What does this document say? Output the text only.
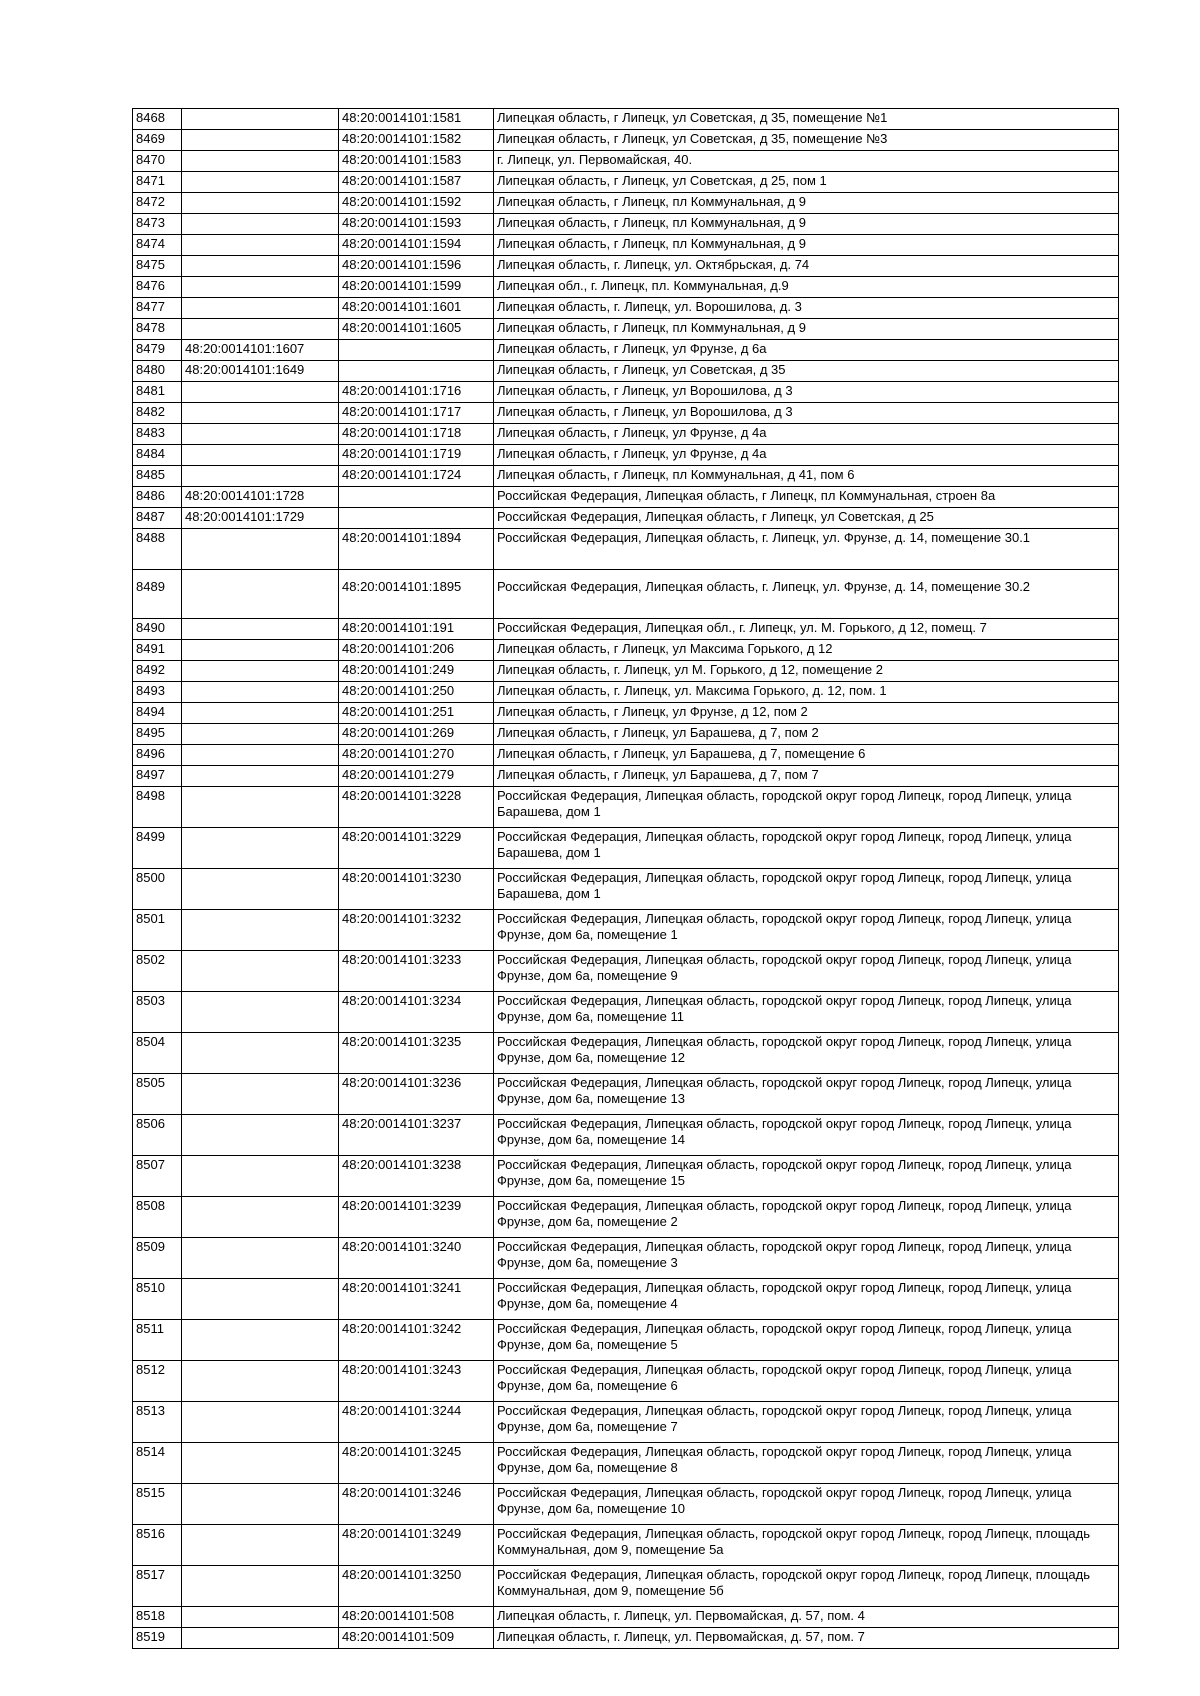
8468		48:20:0014101:1581	Липецкая область, г Липецк, ул Советская, д 35, помещение №1
8469		48:20:0014101:1582	Липецкая область, г Липецк, ул Советская, д 35, помещение №3
8470		48:20:0014101:1583	г. Липецк, ул. Первомайская, 40.
8471		48:20:0014101:1587	Липецкая область, г Липецк, ул Советская, д 25, пом 1
8472		48:20:0014101:1592	Липецкая область, г Липецк, пл Коммунальная, д 9
8473		48:20:0014101:1593	Липецкая область, г Липецк, пл Коммунальная, д 9
8474		48:20:0014101:1594	Липецкая область, г Липецк, пл Коммунальная, д 9
8475		48:20:0014101:1596	Липецкая область, г. Липецк, ул. Октябрьская, д. 74
8476		48:20:0014101:1599	Липецкая обл., г. Липецк, пл. Коммунальная, д.9
8477		48:20:0014101:1601	Липецкая область, г. Липецк, ул. Ворошилова, д. 3
8478		48:20:0014101:1605	Липецкая область, г Липецк, пл Коммунальная, д 9
8479	48:20:0014101:1607		Липецкая область, г Липецк, ул Фрунзе, д 6а
8480	48:20:0014101:1649		Липецкая область, г Липецк, ул Советская, д 35
8481		48:20:0014101:1716	Липецкая область, г Липецк, ул Ворошилова, д 3
8482		48:20:0014101:1717	Липецкая область, г Липецк, ул Ворошилова, д 3
8483		48:20:0014101:1718	Липецкая область, г Липецк, ул Фрунзе, д 4а
8484		48:20:0014101:1719	Липецкая область, г Липецк, ул Фрунзе, д 4а
8485		48:20:0014101:1724	Липецкая область, г Липецк, пл Коммунальная, д 41, пом 6
8486	48:20:0014101:1728		Российская Федерация, Липецкая область, г Липецк, пл Коммунальная, строен 8а
8487	48:20:0014101:1729		Российская Федерация, Липецкая область, г Липецк, ул Советская, д 25
8488		48:20:0014101:1894	Российская Федерация, Липецкая область, г. Липецк, ул. Фрунзе, д. 14, помещение 30.1
8489		48:20:0014101:1895	Российская Федерация, Липецкая область, г. Липецк, ул. Фрунзе, д. 14, помещение 30.2
8490		48:20:0014101:191	Российская Федерация, Липецкая обл., г. Липецк, ул. М. Горького, д 12, помещ. 7
8491		48:20:0014101:206	Липецкая область, г Липецк, ул Максима Горького, д 12
8492		48:20:0014101:249	Липецкая область, г. Липецк, ул М. Горького, д 12, помещение 2
8493		48:20:0014101:250	Липецкая область, г. Липецк, ул. Максима Горького, д. 12, пом. 1
8494		48:20:0014101:251	Липецкая область, г Липецк, ул Фрунзе, д 12, пом 2
8495		48:20:0014101:269	Липецкая область, г Липецк, ул Барашева, д 7, пом 2
8496		48:20:0014101:270	Липецкая область, г Липецк, ул Барашева, д 7, помещение 6
8497		48:20:0014101:279	Липецкая область, г Липецк, ул Барашева, д 7, пом 7
8498		48:20:0014101:3228	Российская Федерация, Липецкая область, городской округ город Липецк, город Липецк, улица Барашева, дом 1
8499		48:20:0014101:3229	Российская Федерация, Липецкая область, городской округ город Липецк, город Липецк, улица Барашева, дом 1
8500		48:20:0014101:3230	Российская Федерация, Липецкая область, городской округ город Липецк, город Липецк, улица Барашева, дом 1
8501		48:20:0014101:3232	Российская Федерация, Липецкая область, городской округ город Липецк, город Липецк, улица Фрунзе, дом 6а, помещение 1
8502		48:20:0014101:3233	Российская Федерация, Липецкая область, городской округ город Липецк, город Липецк, улица Фрунзе, дом 6а, помещение 9
8503		48:20:0014101:3234	Российская Федерация, Липецкая область, городской округ город Липецк, город Липецк, улица Фрунзе, дом 6а, помещение 11
8504		48:20:0014101:3235	Российская Федерация, Липецкая область, городской округ город Липецк, город Липецк, улица Фрунзе, дом 6а, помещение 12
8505		48:20:0014101:3236	Российская Федерация, Липецкая область, городской округ город Липецк, город Липецк, улица Фрунзе, дом 6а, помещение 13
8506		48:20:0014101:3237	Российская Федерация, Липецкая область, городской округ город Липецк, город Липецк, улица Фрунзе, дом 6а, помещение 14
8507		48:20:0014101:3238	Российская Федерация, Липецкая область, городской округ город Липецк, город Липецк, улица Фрунзе, дом 6а, помещение 15
8508		48:20:0014101:3239	Российская Федерация, Липецкая область, городской округ город Липецк, город Липецк, улица Фрунзе, дом 6а, помещение 2
8509		48:20:0014101:3240	Российская Федерация, Липецкая область, городской округ город Липецк, город Липецк, улица Фрунзе, дом 6а, помещение 3
8510		48:20:0014101:3241	Российская Федерация, Липецкая область, городской округ город Липецк, город Липецк, улица Фрунзе, дом 6а, помещение 4
8511		48:20:0014101:3242	Российская Федерация, Липецкая область, городской округ город Липецк, город Липецк, улица Фрунзе, дом 6а, помещение 5
8512		48:20:0014101:3243	Российская Федерация, Липецкая область, городской округ город Липецк, город Липецк, улица Фрунзе, дом 6а, помещение 6
8513		48:20:0014101:3244	Российская Федерация, Липецкая область, городской округ город Липецк, город Липецк, улица Фрунзе, дом 6а, помещение 7
8514		48:20:0014101:3245	Российская Федерация, Липецкая область, городской округ город Липецк, город Липецк, улица Фрунзе, дом 6а, помещение 8
8515		48:20:0014101:3246	Российская Федерация, Липецкая область, городской округ город Липецк, город Липецк, улица Фрунзе, дом 6а, помещение 10
8516		48:20:0014101:3249	Российская Федерация, Липецкая область, городской округ город Липецк, город Липецк, площадь Коммунальная, дом 9, помещение 5а
8517		48:20:0014101:3250	Российская Федерация, Липецкая область, городской округ город Липецк, город Липецк, площадь Коммунальная, дом 9, помещение 5б
8518		48:20:0014101:508	Липецкая область, г. Липецк, ул. Первомайская, д. 57, пом. 4
8519		48:20:0014101:509	Липецкая область, г. Липецк, ул. Первомайская, д. 57, пом. 7
